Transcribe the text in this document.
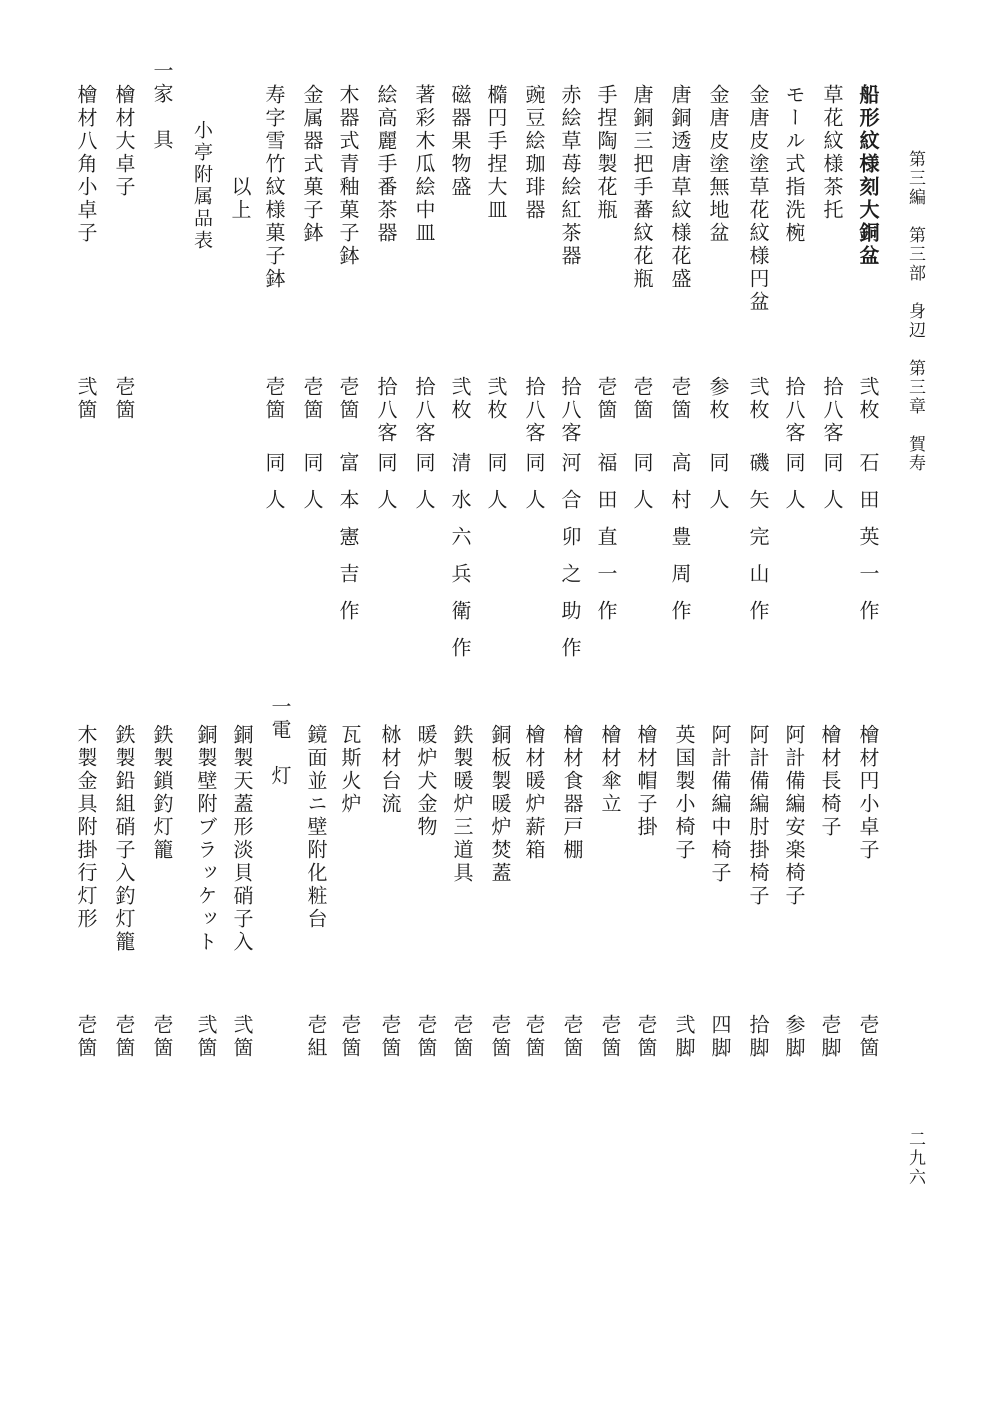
第三編　第三部　身辺　第三章　賀寿
二九六
船形紋様刻大銅盆
弐枚
石田英一作
草花紋様茶托
拾八客
同人
モール式指洗椀
拾八客
同人
金唐皮塗草花紋様円盆
弐枚
磯矢完山作
金唐皮塗無地盆
参枚
同人
唐銅透唐草紋様花盛
壱箇
高村豊周作
唐銅三把手蕃紋花瓶
壱箇
同人
手捏陶製花瓶
壱箇
福田直一作
赤絵草苺絵紅茶器
拾八客
河合卯之助作
豌豆絵珈琲器
拾八客
同人
橢円手捏大皿
弐枚
同人
磁器果物盛
弐枚
清水六兵衛作
著彩木瓜絵中皿
拾八客
同人
絵高麗手番茶器
拾八客
同人
木器式青釉菓子鉢
壱箇
富本憲吉作
金属器式菓子鉢
壱箇
同人
寿字雪竹紋様菓子鉢
壱箇
同人
以上
小亭附属品表
一家　具
檜材大卓子
壱箇
檜材八角小卓子
弐箇
檜材円小卓子
壱箇
檜材長椅子
壱脚
阿計備編安楽椅子
参脚
阿計備編肘掛椅子
拾脚
阿計備編中椅子
四脚
英国製小椅子
弐脚
檜材帽子掛
壱箇
檜材傘立
壱箇
檜材食器戸棚
壱箇
檜材暖炉薪箱
壱箇
銅板製暖炉焚蓋
壱箇
鉄製暖炉三道具
壱箇
暖炉犬金物
壱箇
栤材台流
壱箇
瓦斯火炉
壱箇
鏡面並ニ壁附化粧台
壱組
一電　灯
銅製天蓋形淡貝硝子入
弐箇
銅製壁附ブラッケット
弐箇
鉄製鎖釣灯籠
壱箇
鉄製鉛組硝子入釣灯籠
壱箇
木製金具附掛行灯形
壱箇
